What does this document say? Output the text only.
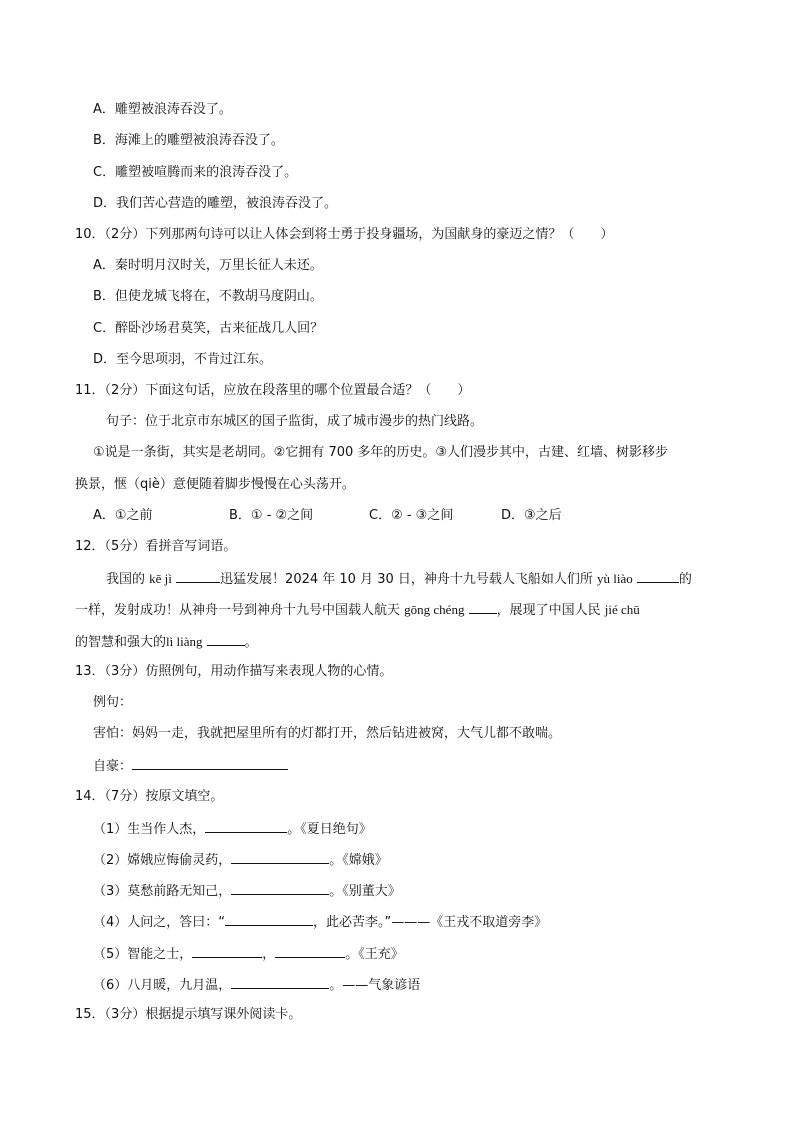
A．雕塑被浪涛吞没了。
B．海滩上的雕塑被浪涛吞没了。
C．雕塑被喧腾而来的浪涛吞没了。
D．我们苦心营造的雕塑，被浪涛吞没了。
10．（2分）下列那两句诗可以让人体会到将士勇于投身疆场，为国献身的豪迈之情？（　　）
A．秦时明月汉时关，万里长征人未还。
B．但使龙城飞将在，不教胡马度阴山。
C．醉卧沙场君莫笑，古来征战几人回？
D．至今思项羽，不肯过江东。
11．（2分）下面这句话，应放在段落里的哪个位置最合适？（　　）
句子：位于北京市东城区的国子监街，成了城市漫步的热门线路。
①说是一条街，其实是老胡同。②它拥有 700 多年的历史。③人们漫步其中，古建、红墙、树影移步
换景，惬（qiè）意便随着脚步慢慢在心头荡开。
A．①之前	B．① - ②之间	C．② - ③之间	D．③之后
12．（5分）看拼音写词语。
我国的 kē jì	迅猛发展！2024 年 10 月 30 日，神舟十九号载人飞船如人们所 yù liào	的
一样，发射成功！从神舟一号到神舟十九号中国载人航天 gōng chéng ，展现了中国人民 jié chū
的智慧和强大的lì liàng	。
13．（3分）仿照例句，用动作描写来表现人物的心情。
例句：
害怕：妈妈一走，我就把屋里所有的灯都打开，然后钻进被窝，大气儿都不敢喘。
自豪：
14．（7分）按原文填空。
（1）生当作人杰，	。《夏日绝句》
（2）嫦娥应悔偷灵药，	。《嫦娥》
（3）莫愁前路无知己，	。《别董大》
（4）人问之，答曰：“	，此必苦李。”———《王戎不取道旁李》
（5）智能之士，	，	。《王充》
（6）八月暖，九月温，	。——气象谚语
15．（3分）根据提示填写课外阅读卡。
